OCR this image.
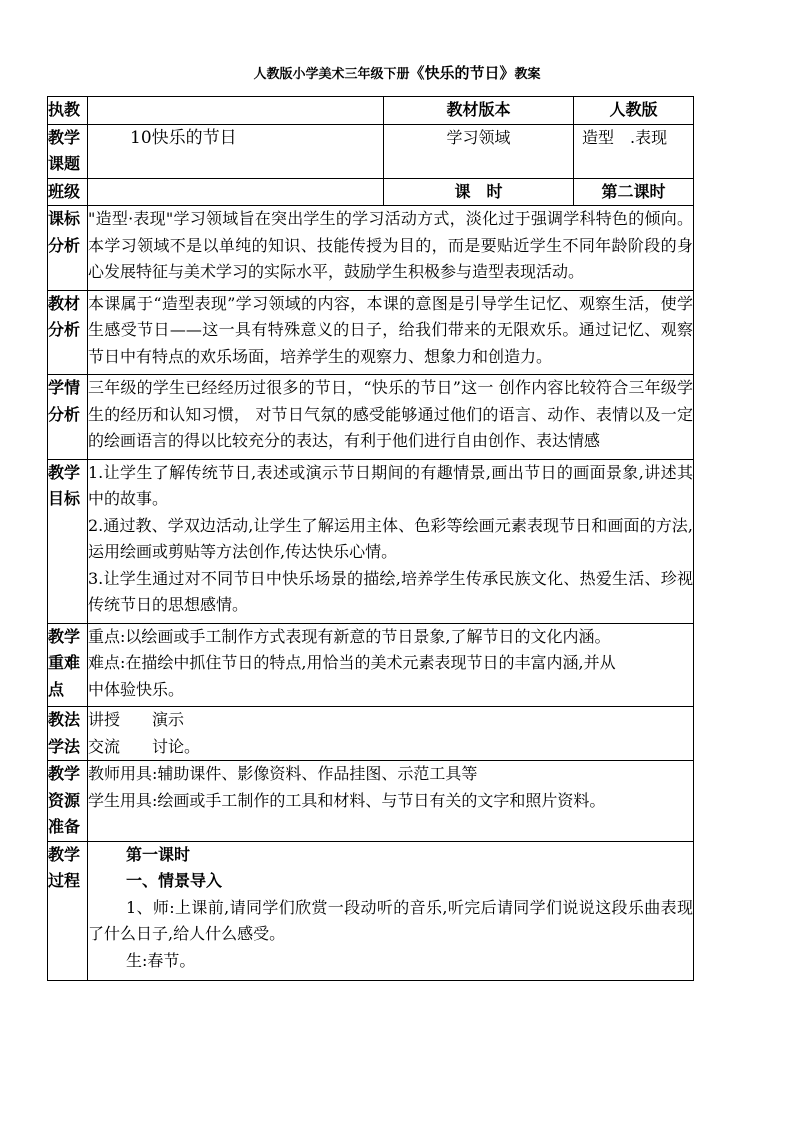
人教版小学美术三年级下册《快乐的节日》教案
执教		教材版本	人教版
教学课题	10快乐的节日	学习领域	造型　.表现
班级		课　时	第二课时
课标分析	"造型·表现"学习领域旨在突出学生的学习活动方式，淡化过于强调学科特色的倾向。本学习领域不是以单纯的知识、技能传授为目的，而是要贴近学生不同年龄阶段的身心发展特征与美术学习的实际水平，鼓励学生积极参与造型表现活动。		
教材分析	本课属于“造型表现”学习领域的内容，本课的意图是引导学生记忆、观察生活，使学生感受节日——这一具有特殊意义的日子，给我们带来的无限欢乐。通过记忆、观察节日中有特点的欢乐场面，培养学生的观察力、想象力和创造力。		
学情分析	三年级的学生已经经历过很多的节日，“快乐的节日”这一 创作内容比较符合三年级学生的经历和认知习惯， 对节日气氛的感受能够通过他们的语言、动作、表情以及一定的绘画语言的得以比较充分的表达，有利于他们进行自由创作、表达情感		
教学目标	1.让学生了解传统节日,表述或演示节日期间的有趣情景,画出节日的画面景象,讲述其中的故事。
2.通过教、学双边活动,让学生了解运用主体、色彩等绘画元素表现节日和画面的方法,运用绘画或剪贴等方法创作,传达快乐心情。
3.让学生通过对不同节日中快乐场景的描绘,培养学生传承民族文化、热爱生活、珍视传统节日的思想感情。		

教学重难点	重点:以绘画或手工制作方式表现有新意的节日景象,了解节日的文化内涵。
难点:在描绘中抓住节日的特点,用恰当的美术元素表现节日的丰富内涵,并从
中体验快乐。		

教法学法	讲授　　演示
交流　　讨论。		

教学资源准备	教师用具:辅助课件、影像资料、作品挂图、示范工具等
学生用具:绘画或手工制作的工具和材料、与节日有关的文字和照片资料。		

教学过程	第一课时
一、情景导入
1、师:上课前,请同学们欣赏一段动听的音乐,听完后请同学们说说这段乐曲表现了什么日子,给人什么感受。
生:春节。		
